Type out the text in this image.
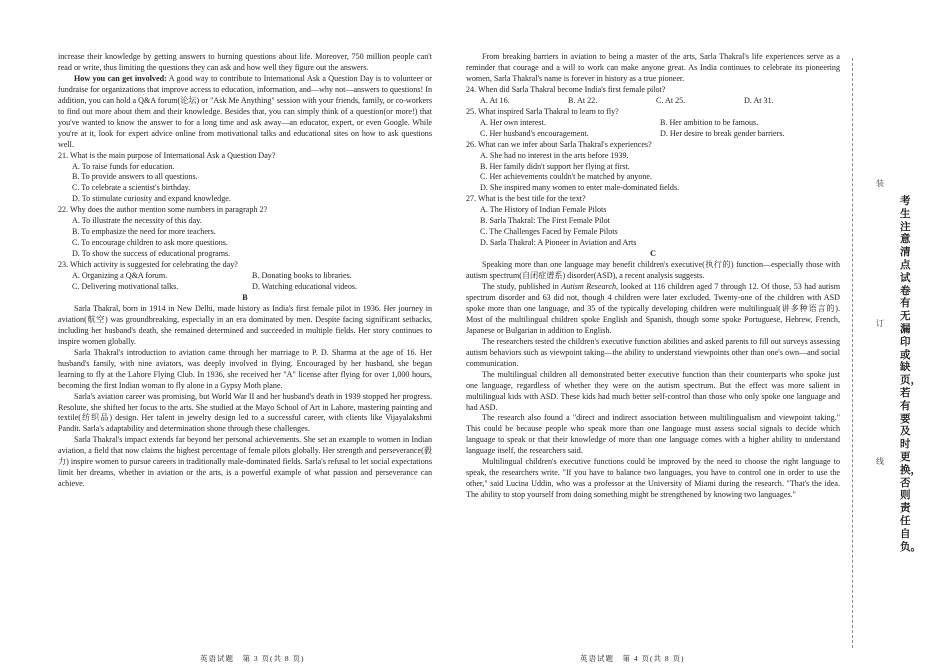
increase their knowledge by getting answers to burning questions about life. Moreover, 750 million people can't read or write, thus limiting the questions they can ask and how well they figure out the answers.

How you can get involved: A good way to contribute to International Ask a Question Day is to volunteer or fundraise for organizations that improve access to education, information, and—why not—answers to questions! In addition, you can hold a Q&A forum(论坛) or "Ask Me Anything" session with your friends, family, or co-workers to find out more about them and their knowledge. Besides that, you can simply think of a question(or more!) that you've wanted to know the answer to for a long time and ask away—an educator, expert, or even Google. While you're at it, look for expert advice online from motivational talks and educational sites on how to ask questions well.

21. What is the main purpose of International Ask a Question Day?

A. To raise funds for education.
B. To provide answers to all questions.
C. To celebrate a scientist's birthday.
D. To stimulate curiosity and expand knowledge.

22. Why does the author mention some numbers in paragraph 2?

A. To illustrate the necessity of this day.
B. To emphasize the need for more teachers.
C. To encourage children to ask more questions.
D. To show the success of educational programs.

23. Which activity is suggested for celebrating the day?

A. Organizing a Q&A forum.	B. Donating books to libraries.
C. Delivering motivational talks.	D. Watching educational videos.

B

Sarla Thakral, born in 1914 in New Delhi, made history as India's first female pilot in 1936. Her journey in aviation(航空) was groundbreaking, especially in an era dominated by men. Despite facing significant setbacks, including her husband's death, she remained determined and succeeded in multiple fields. Her story continues to inspire women globally.

Sarla Thakral's introduction to aviation came through her marriage to P. D. Sharma at the age of 16. Her husband's family, with nine aviators, was deeply involved in flying. Encouraged by her husband, she began learning to fly at the Lahore Flying Club. In 1936, she received her "A" license after flying for over 1,000 hours, becoming the first Indian woman to fly alone in a Gypsy Moth plane.

Sarla's aviation career was promising, but World War II and her husband's death in 1939 stopped her progress. Resolute, she shifted her focus to the arts. She studied at the Mayo School of Art in Lahore, mastering painting and textile(纺织品) design. Her talent in jewelry design led to a successful career, with clients like Vijayalakshmi Pandit. Sarla's adaptability and determination shone through these challenges.

Sarla Thakral's impact extends far beyond her personal achievements. She set an example to women in Indian aviation, a field that now claims the highest percentage of female pilots globally. Her strength and perseverance(毅力) inspire women to pursue careers in traditionally male-dominated fields. Sarla's refusal to let social expectations limit her dreams, whether in aviation or the arts, is a powerful example of what passion and perseverance can achieve.

From breaking barriers in aviation to being a master of the arts, Sarla Thakral's life experiences serve as a reminder that courage and a will to work can make anyone great. As India continues to celebrate its pioneering women, Sarla Thakral's name is forever in history as a true pioneer.

24. When did Sarla Thakral become India's first female pilot?

A. At 16.	B. At 22.	C. At 25.	D. At 31.

25. What inspired Sarla Thakral to learn to fly?

A. Her own interest.	B. Her ambition to be famous.
C. Her husband's encouragement.	D. Her desire to break gender barriers.

26. What can we infer about Sarla Thakral's experiences?

A. She had no interest in the arts before 1939.
B. Her family didn't support her flying at first.
C. Her achievements couldn't be matched by anyone.
D. She inspired many women to enter male-dominated fields.

27. What is the best title for the text?

A. The History of Indian Female Pilots
B. Sarla Thakral: The First Female Pilot
C. The Challenges Faced by Female Pilots
D. Sarla Thakral: A Pioneer in Aviation and Arts

C

Speaking more than one language may benefit children's executive(执行的) function—especially those with autism spectrum(自闭症谱系) disorder(ASD), a recent analysis suggests.

The study, published in Autism Research, looked at 116 children aged 7 through 12. Of those, 53 had autism spectrum disorder and 63 did not, though 4 children were later excluded. Twenty-one of the children with ASD spoke more than one language, and 35 of the typically developing children were multilingual(讲多种语言的). Most of the multilingual children spoke English and Spanish, though some spoke Portuguese, Hebrew, French, Japanese or Bulgarian in addition to English.

The researchers tested the children's executive function abilities and asked parents to fill out surveys assessing autism behaviors such as viewpoint taking—the ability to understand viewpoints other than one's own—and social communication.

The multilingual children all demonstrated better executive function than their counterparts who spoke just one language, regardless of whether they were on the autism spectrum. But the effect was more salient in multilingual kids with ASD. These kids had much better self-control than those who only spoke one language and had ASD.

The research also found a "direct and indirect association between multilingualism and viewpoint taking." This could be because people who speak more than one language must assess social signals to decide which language to speak or that their knowledge of more than one language comes with a higher ability to understand language itself, the researchers said.

Multilingual children's executive functions could be improved by the need to choose the right language to speak, the researchers write. "If you have to balance two languages, you have to control one in order to use the other," said Lucina Uddin, who was a professor at the University of Miami during the research. "That's the idea. The ability to stop yourself from doing something might be strengthened by knowing two languages."

英语试题　第 3 页(共 8 页)	英语试题　第 4 页(共 8 页)
装
订
线
考生注意清点试卷有无漏印或缺页，若有要及时更换，否则责任自负。
